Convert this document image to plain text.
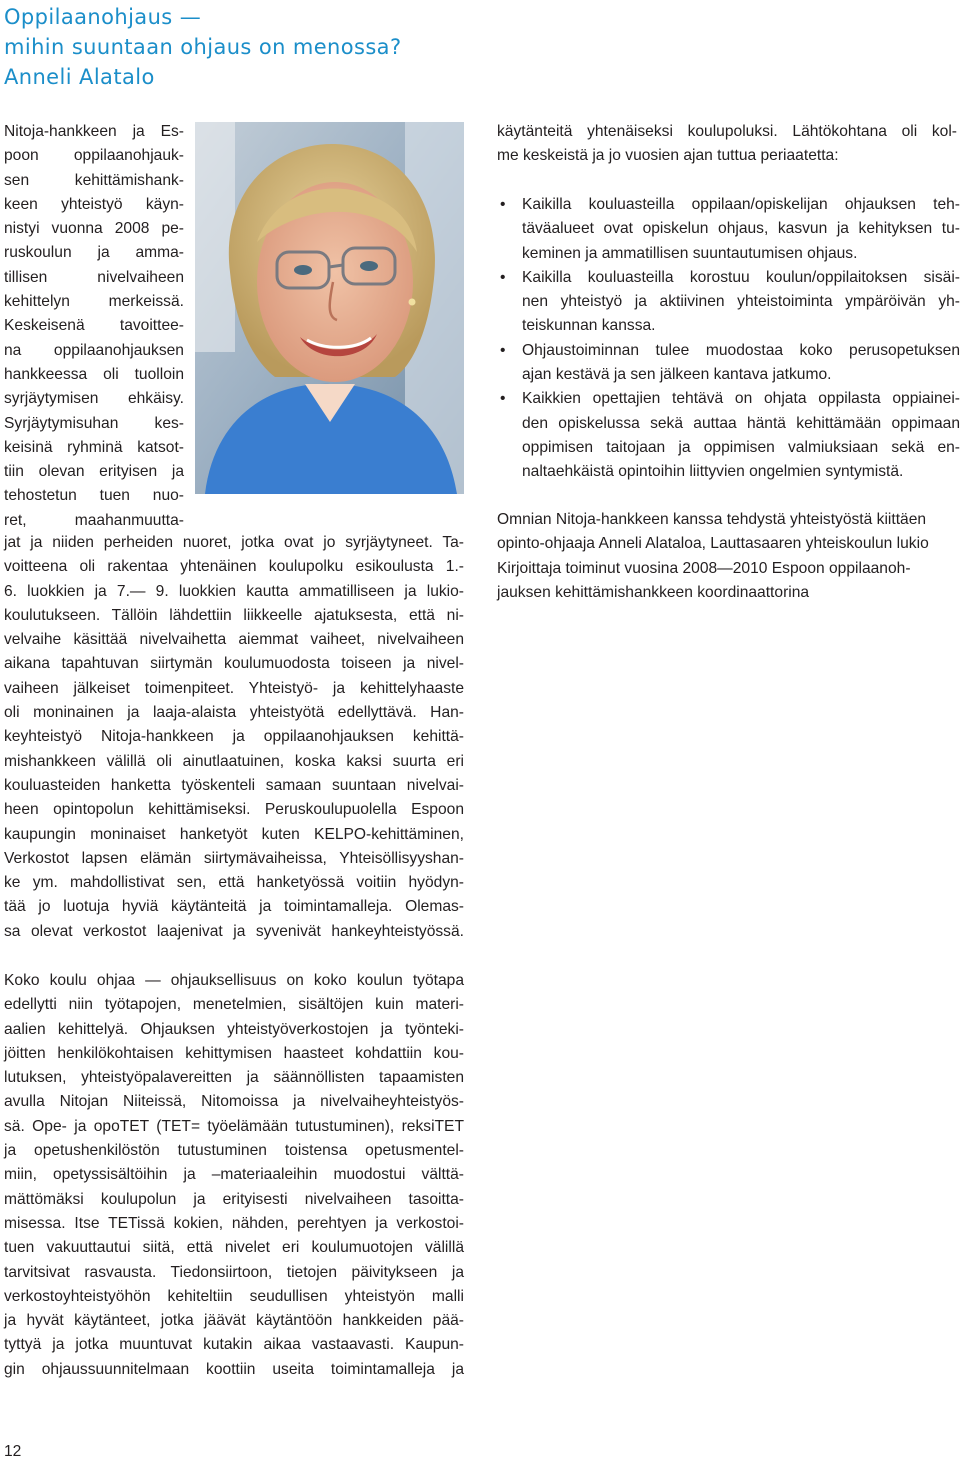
Oppilaanohjaus —
mihin suuntaan ohjaus on menossa?
Anneli Alatalo
Nitoja-hankkeen ja Es-
poon oppilaanohjauk-
sen kehittämishank-
keen yhteistyö käyn-
nistyi vuonna 2008 pe-
ruskoulun ja amma-
tillisen nivelvaiheen
kehittelyn merkeissä.
Keskeisenä tavoittee-
na oppilaanohjauksen
hankkeessa oli tuolloin
syrjäytymisen ehkäisy.
Syrjäytymisuhan kes-
keisinä ryhminä katsot-
tiin olevan erityisen ja
tehostetun tuen nuo-
ret, maahanmuutta-
jat ja niiden perheiden nuoret, jotka ovat jo syrjäytyneet. Ta-
voitteena oli rakentaa yhtenäinen koulupolku esikoulusta 1.-
6. luokkien ja 7.— 9. luokkien kautta ammatilliseen ja lukio-
koulutukseen. Tällöin lähdettiin liikkeelle ajatuksesta, että ni-
velvaihe käsittää nivelvaihetta aiemmat vaiheet, nivelvaiheen
aikana tapahtuvan siirtymän koulumuodosta toiseen ja nivel-
vaiheen jälkeiset toimenpiteet. Yhteistyö- ja kehittelyhaaste
oli moninainen ja laaja-alaista yhteistyötä edellyttävä. Han-
keyhteistyö Nitoja-hankkeen ja oppilaanohjauksen kehittä-
mishankkeen välillä oli ainutlaatuinen, koska kaksi suurta eri
kouluasteiden hanketta työskenteli samaan suuntaan nivelvai-
heen opintopolun kehittämiseksi. Peruskoulupuolella Espoon
kaupungin moninaiset hanketyöt kuten KELPO-kehittäminen,
Verkostot lapsen elämän siirtymävaiheissa, Yhteisöllisyyshan-
ke ym. mahdollistivat sen, että hanketyössä voitiin hyödyn-
tää jo luotuja hyviä käytänteitä ja toimintamalleja. Olemas-
sa olevat verkostot laajenivat ja syvenivät hankeyhteistyössä.
Koko koulu ohjaa — ohjauksellisuus on koko koulun työtapa
edellytti niin työtapojen, menetelmien, sisältöjen kuin materi-
aalien kehittelyä. Ohjauksen yhteistyöverkostojen ja työnteki-
jöitten henkilökohtaisen kehittymisen haasteet kohdattiin kou-
lutuksen, yhteistyöpalavereitten ja säännöllisten tapaamisten
avulla Nitojan Niiteissä, Nitomoissa ja nivelvaiheyhteistyös-
sä. Ope- ja opoTET (TET= työelämään tutustuminen), reksiTET
ja opetushenkilöstön tutustuminen toistensa opetusmentel-
miin, opetyssisältöihin ja –materiaaleihin muodostui välttä-
mättömäksi koulupolun ja erityisesti nivelvaiheen tasoitta-
misessa. Itse TETissä kokien, nähden, perehtyen ja verkostoi-
tuen vakuuttautui siitä, että nivelet eri koulumuotojen välillä
tarvitsivat rasvausta. Tiedonsiirtoon, tietojen päivitykseen ja
verkostoyhteistyöhön kehiteltiin seudullisen yhteistyön malli
ja hyvät käytänteet, jotka jäävät käytäntöön hankkeiden pää-
tyttyä ja jotka muuntuvat kutakin aikaa vastaavasti. Kaupun-
gin ohjaussuunnitelmaan koottiin useita toimintamalleja ja
käytänteitä yhtenäiseksi koulupoluksi. Lähtökohtana oli kol-
me keskeistä ja jo vuosien ajan tuttua periaatetta:
• Kaikilla kouluasteilla oppilaan/opiskelijan ohjauksen teh-
täväalueet ovat opiskelun ohjaus, kasvun ja kehityksen tu-
keminen ja ammatillisen suuntautumisen ohjaus.
• Kaikilla kouluasteilla korostuu koulun/oppilaitoksen sisäi-
nen yhteistyö ja aktiivinen yhteistoiminta ympäröivän yh-
teiskunnan kanssa.
• Ohjaustoiminnan tulee muodostaa koko perusopetuksen
ajan kestävä ja sen jälkeen kantava jatkumo.
• Kaikkien opettajien tehtävä on ohjata oppilasta oppiainei-
den opiskelussa sekä auttaa häntä kehittämään oppimaan
oppimisen taitojaan ja oppimisen valmiuksiaan sekä en-
naltaehkäistä opintoihin liittyvien ongelmien syntymistä.
Omnian Nitoja-hankkeen kanssa tehdystä yhteistyöstä kiittäen
opinto-ohjaaja Anneli Alataloa, Lauttasaaren yhteiskoulun lukio
Kirjoittaja toiminut vuosina 2008—2010 Espoon oppilaanoh-
jauksen kehittämishankkeen koordinaattorina
12
